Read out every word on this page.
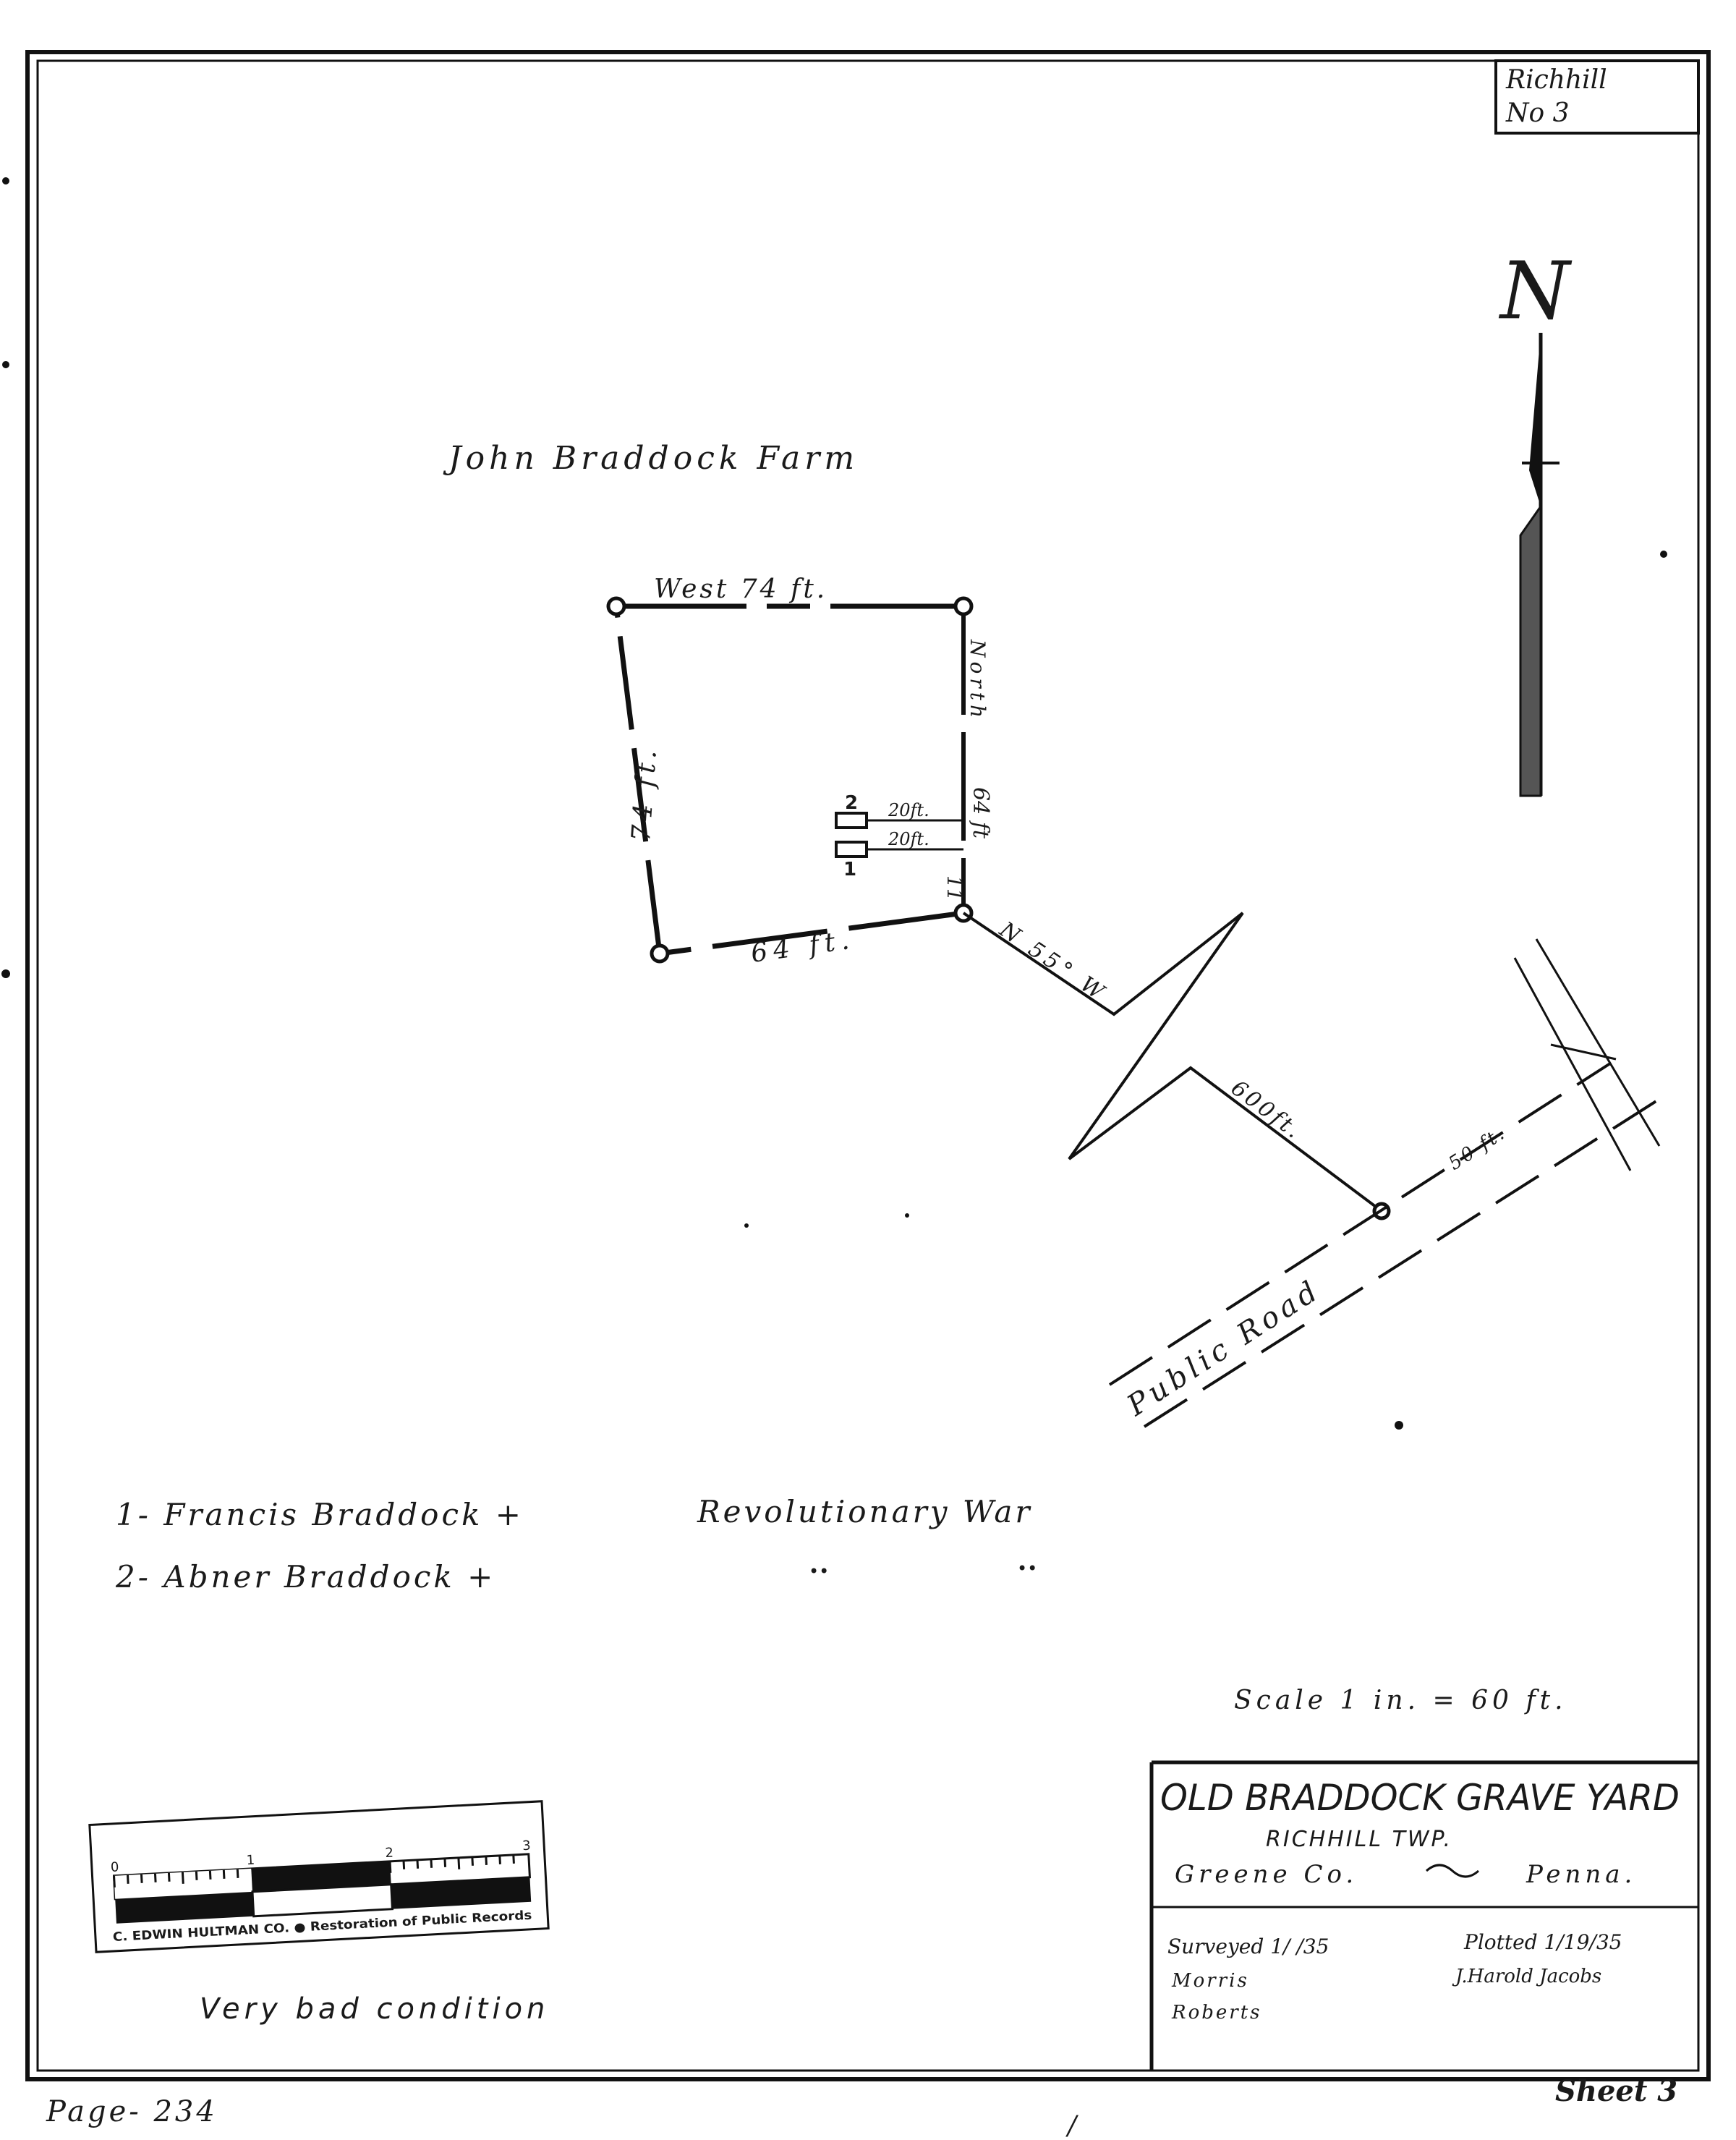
Richhill
No 3
N
John Braddock Farm
West 74 ft.
North
64 ft
11
74 ft.
64 ft.
2
1
20ft.
20ft.
N 55° W
600ft.
Public Road
50 ft.
1- Francis Braddock +	Revolutionary War
2- Abner Braddock +	••	••
Scale 1 in. = 60 ft.
OLD BRADDOCK GRAVE YARD
RICHHILL TWP.
Greene Co.	Penna.
Surveyed 1/ /35
Morris
Roberts
Plotted 1/19/35
J.Harold Jacobs
0	1	2	3
C. EDWIN HULTMAN CO. ● Restoration of Public Records
Very bad condition
Page- 234
Sheet 3
/
